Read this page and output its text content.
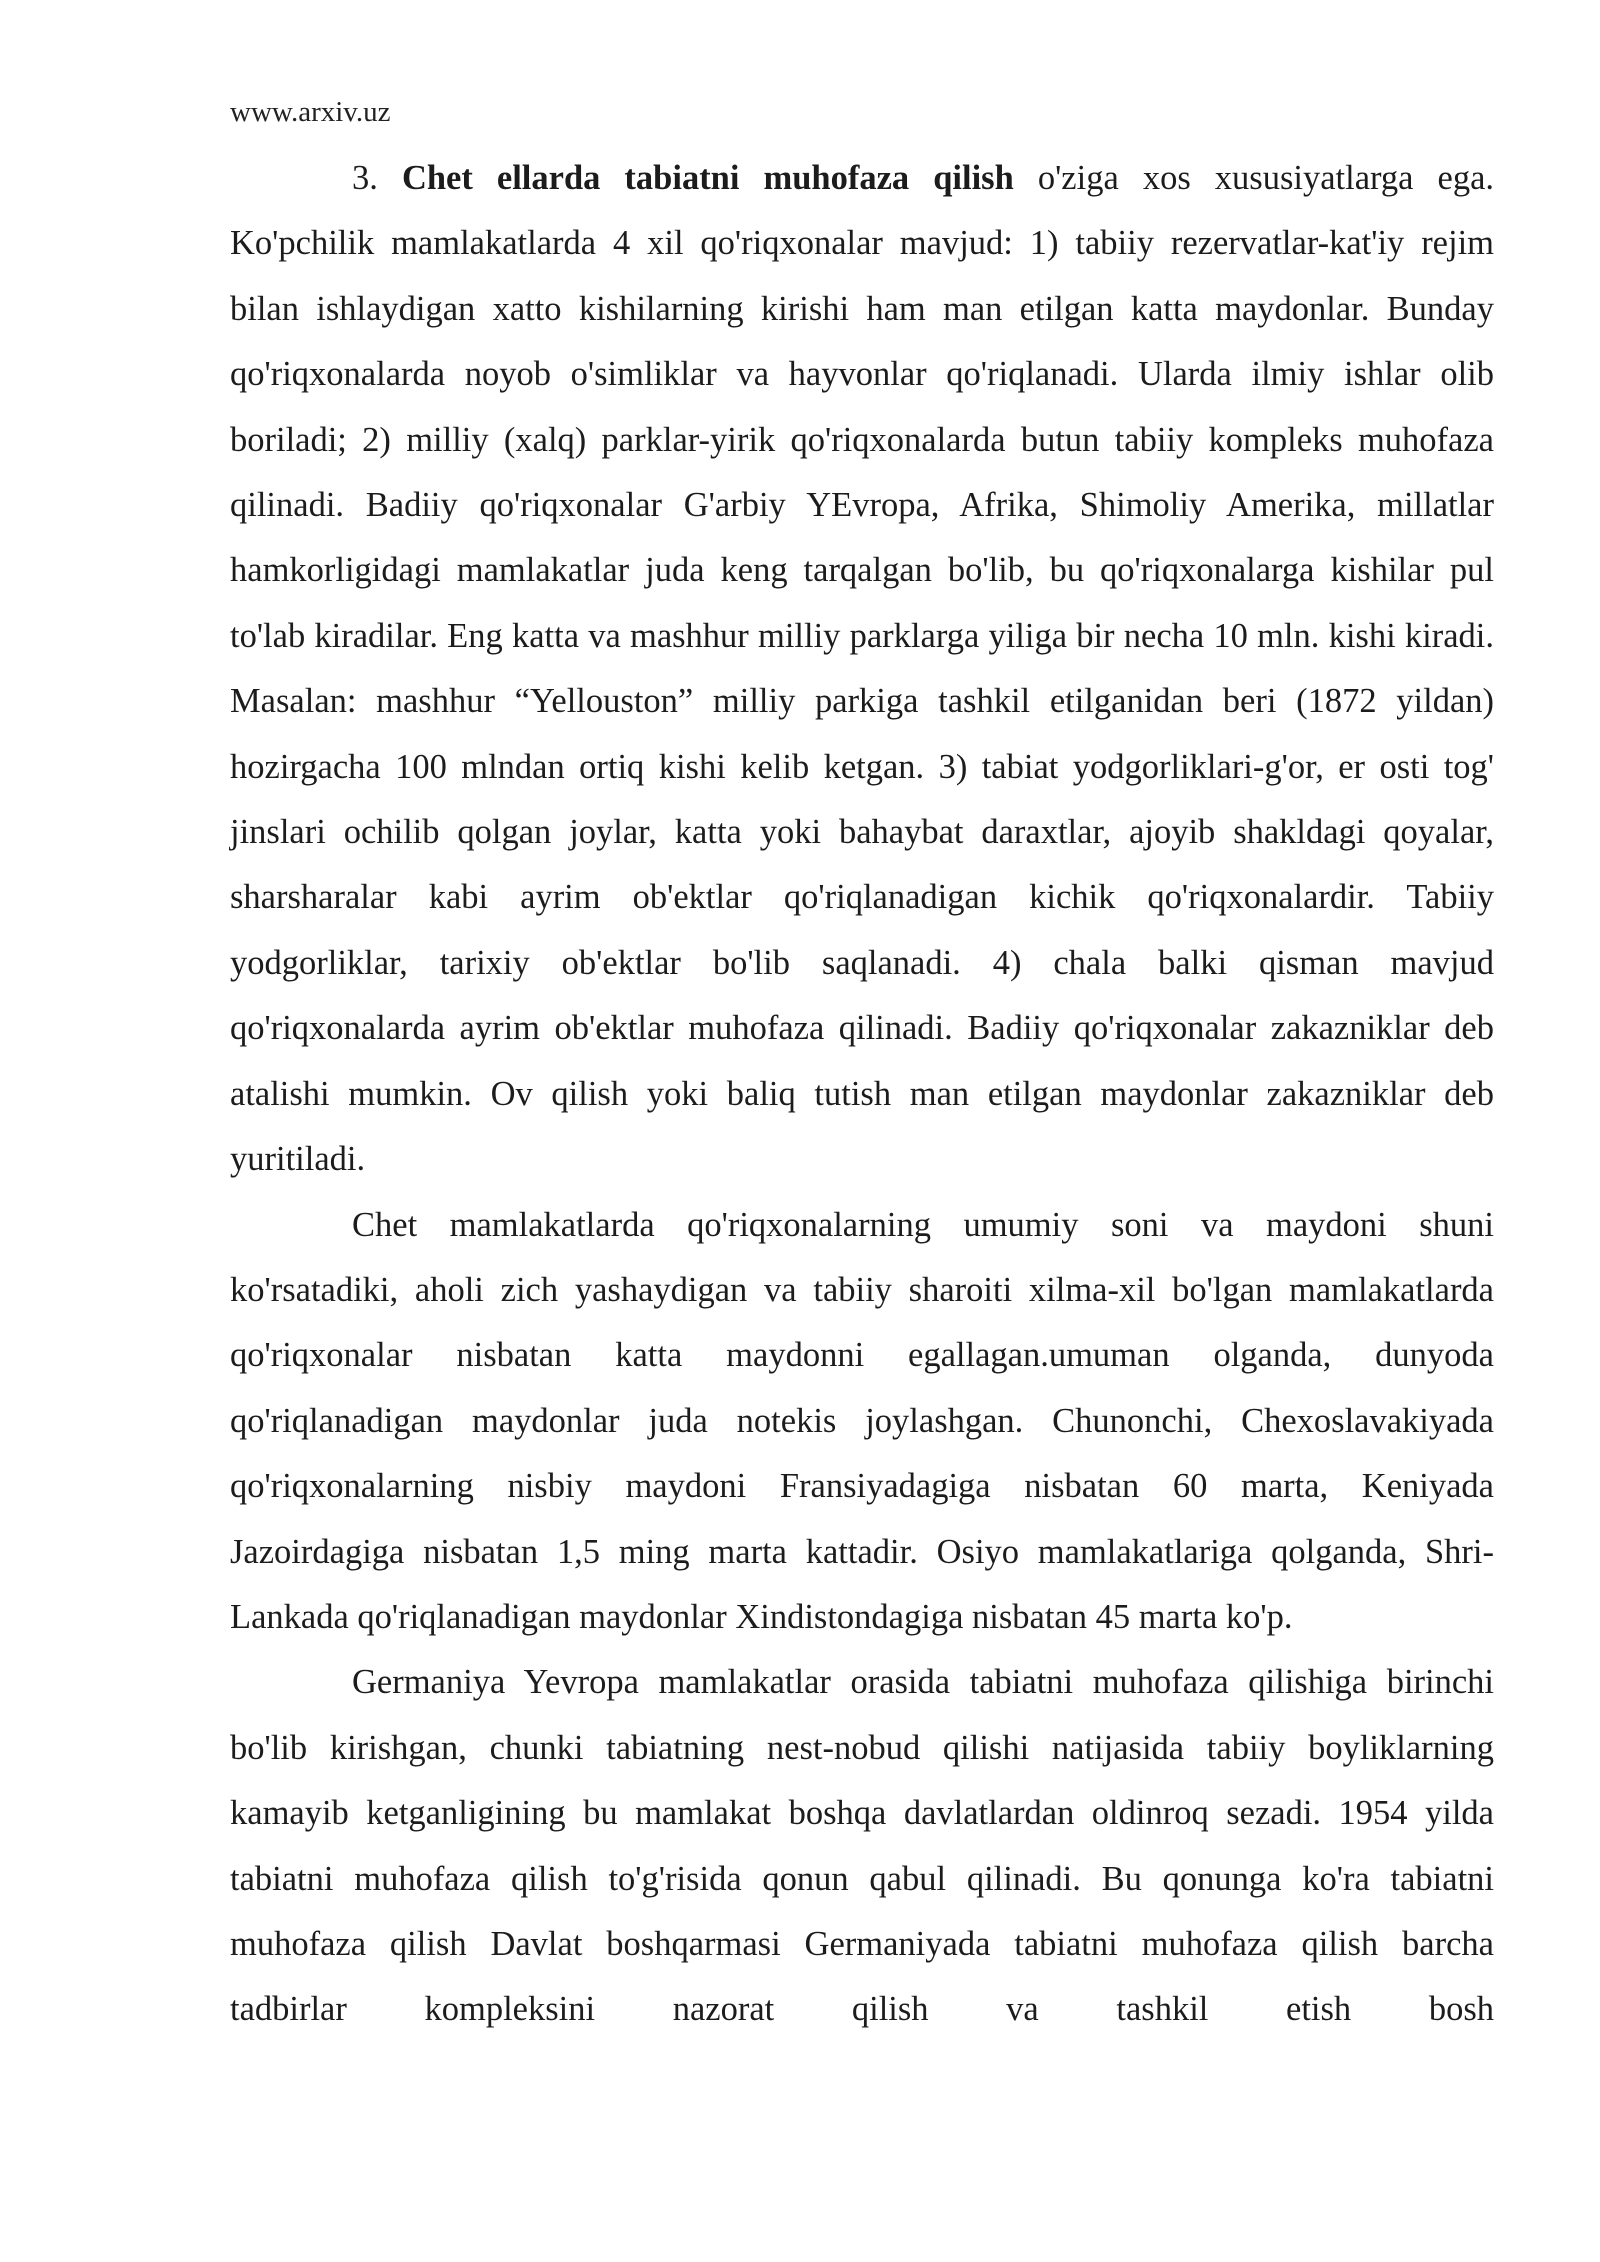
www.arxiv.uz

3. Chet ellarda tabiatni muhofaza qilish o'ziga xos xususiyatlarga ega. Ko'pchilik mamlakatlarda 4 xil qo'riqxonalar mavjud: 1) tabiiy rezervatlar-kat'iy rejim bilan ishlaydigan xatto kishilarning kirishi ham man etilgan katta maydonlar. Bunday qo'riqxonalarda noyob o'simliklar va hayvonlar qo'riqlanadi. Ularda ilmiy ishlar olib boriladi; 2) milliy (xalq) parklar-yirik qo'riqxonalarda butun tabiiy kompleks muhofaza qilinadi. Badiiy qo'riqxonalar G'arbiy YEvropa, Afrika, Shimoliy Amerika, millatlar hamkorligidagi mamlakatlar juda keng tarqalgan bo'lib, bu qo'riqxonalarga kishilar pul to'lab kiradilar. Eng katta va mashhur milliy parklarga yiliga bir necha 10 mln. kishi kiradi. Masalan: mashhur “Yellouston” milliy parkiga tashkil etilganidan beri (1872 yildan) hozirgacha 100 mlndan ortiq kishi kelib ketgan. 3) tabiat yodgorliklari-g'or, er osti tog' jinslari ochilib qolgan joylar, katta yoki bahaybat daraxtlar, ajoyib shakldagi qoyalar, sharsharalar kabi ayrim ob'ektlar qo'riqlanadigan kichik qo'riqxonalardir. Tabiiy yodgorliklar, tarixiy ob'ektlar bo'lib saqlanadi. 4) chala balki qisman mavjud qo'riqxonalarda ayrim ob'ektlar muhofaza qilinadi. Badiiy qo'riqxonalar zakazniklar deb atalishi mumkin. Ov qilish yoki baliq tutish man etilgan maydonlar zakazniklar deb yuritiladi.

Chet mamlakatlarda qo'riqxonalarning umumiy soni va maydoni shuni ko'rsatadiki, aholi zich yashaydigan va tabiiy sharoiti xilma-xil bo'lgan mamlakatlarda qo'riqxonalar nisbatan katta maydonni egallagan.umuman olganda, dunyoda qo'riqlanadigan maydonlar juda notekis joylashgan. Chunonchi, Chexoslavakiyada qo'riqxonalarning nisbiy maydoni Fransiyadagiga nisbatan 60 marta, Keniyada Jazoirdagiga nisbatan 1,5 ming marta kattadir. Osiyo mamlakatlariga qolganda, Shri-Lankada qo'riqlanadigan maydonlar Xindistondagiga nisbatan 45 marta ko'p.

Germaniya Yevropa mamlakatlar orasida tabiatni muhofaza qilishiga birinchi bo'lib kirishgan, chunki tabiatning nest-nobud qilishi natijasida tabiiy boyliklarning kamayib ketganligining bu mamlakat boshqa davlatlardan oldinroq sezadi. 1954 yilda tabiatni muhofaza qilish to'g'risida qonun qabul qilinadi. Bu qonunga ko'ra tabiatni muhofaza qilish Davlat boshqarmasi Germaniyada tabiatni muhofaza qilish barcha tadbirlar kompleksini nazorat qilish va tashkil etish bosh
